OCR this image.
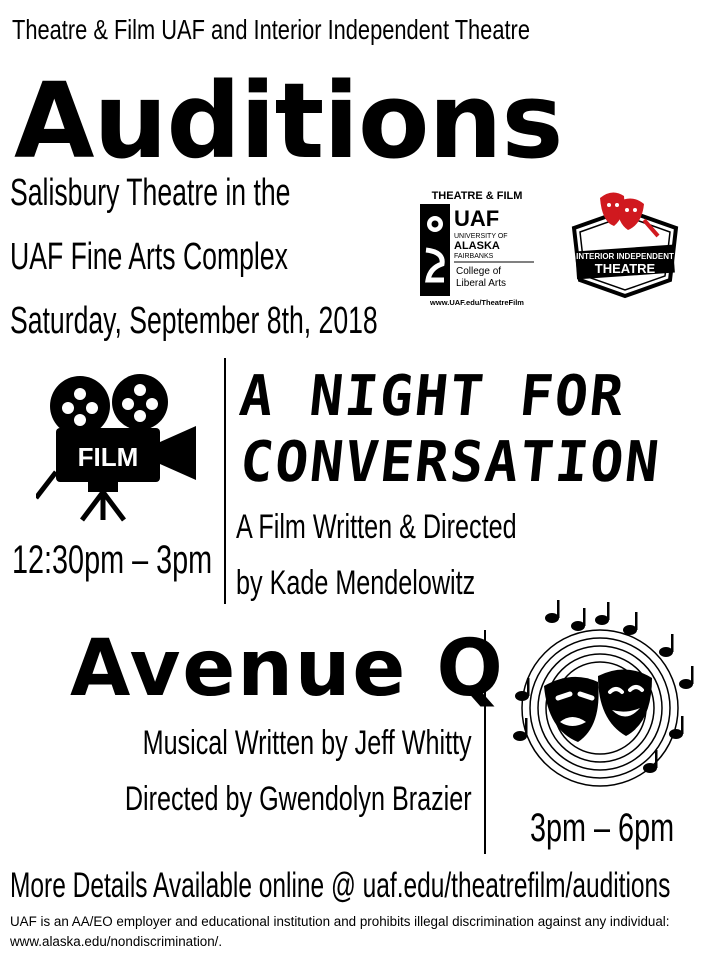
Theatre & Film UAF and Interior Independent Theatre
Auditions
Salisbury Theatre in the
UAF Fine Arts Complex
Saturday, September 8th, 2018
THEATRE & FILM
UAF
UNIVERSITY OF
ALASKA
FAIRBANKS
College of
Liberal Arts
www.UAF.edu/TheatreFilm
INTERIOR INDEPENDENT
THEATRE
FILM
12:30pm – 3pm
A NIGHT FOR
CONVERSATION
A Film Written & Directed
by Kade Mendelowitz
Avenue Q
Musical Written by Jeff Whitty
Directed by Gwendolyn Brazier
3pm – 6pm
More Details Available online @ uaf.edu/theatrefilm/auditions
UAF is an AA/EO employer and educational institution and prohibits illegal discrimination against any individual: www.alaska.edu/nondiscrimination/.
